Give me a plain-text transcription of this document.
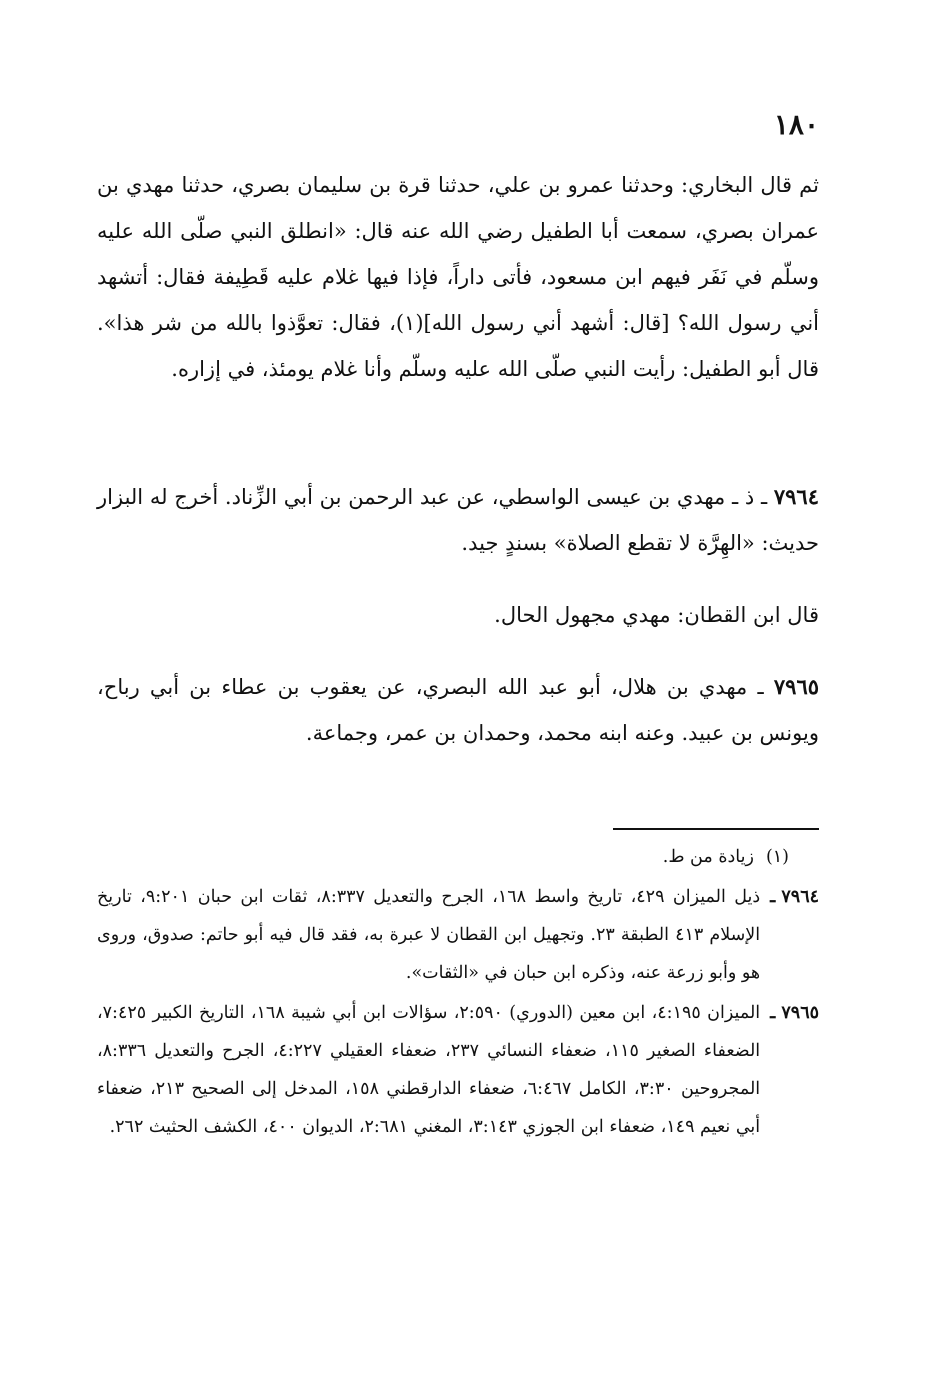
١٨٠
ثم قال البخاري: وحدثنا عمرو بن علي، حدثنا قرة بن سليمان بصري، حدثنا مهدي بن عمران بصري، سمعت أبا الطفيل رضي الله عنه قال: «انطلق النبي صلّى الله عليه وسلّم في نَفَر فيهم ابن مسعود، فأتى داراً، فإذا فيها غلام عليه قَطِيفة فقال: أتشهد أني رسول الله؟ [قال: أشهد أني رسول الله](١)، فقال: تعوَّذوا بالله من شر هذا». قال أبو الطفيل: رأيت النبي صلّى الله عليه وسلّم وأنا غلام يومئذ، في إزاره.
٧٩٦٤ ـ ذ ـ مهدي بن عيسى الواسطي، عن عبد الرحمن بن أبي الزِّناد. أخرج له البزار حديث: «الهِرَّة لا تقطع الصلاة» بسندٍ جيد.
قال ابن القطان: مهدي مجهول الحال.
٧٩٦٥ ـ مهدي بن هلال، أبو عبد الله البصري، عن يعقوب بن عطاء بن أبي رباح، ويونس بن عبيد. وعنه ابنه محمد، وحمدان بن عمر، وجماعة.
(١)
زيادة من ط.
٧٩٦٤ ـ
ذيل الميزان ٤٢٩، تاريخ واسط ١٦٨، الجرح والتعديل ٨:٣٣٧، ثقات ابن حبان ٩:٢٠١، تاريخ الإسلام ٤١٣ الطبقة ٢٣. وتجهيل ابن القطان لا عبرة به، فقد قال فيه أبو حاتم: صدوق، وروى هو وأبو زرعة عنه، وذكره ابن حبان في «الثقات».
٧٩٦٥ ـ
الميزان ٤:١٩٥، ابن معين (الدوري) ٢:٥٩٠، سؤالات ابن أبي شيبة ١٦٨، التاريخ الكبير ٧:٤٢٥، الضعفاء الصغير ١١٥، ضعفاء النسائي ٢٣٧، ضعفاء العقيلي ٤:٢٢٧، الجرح والتعديل ٨:٣٣٦، المجروحين ٣:٣٠، الكامل ٦:٤٦٧، ضعفاء الدارقطني ١٥٨، المدخل إلى الصحيح ٢١٣، ضعفاء أبي نعيم ١٤٩، ضعفاء ابن الجوزي ٣:١٤٣، المغني ٢:٦٨١، الديوان ٤٠٠، الكشف الحثيث ٢٦٢.
